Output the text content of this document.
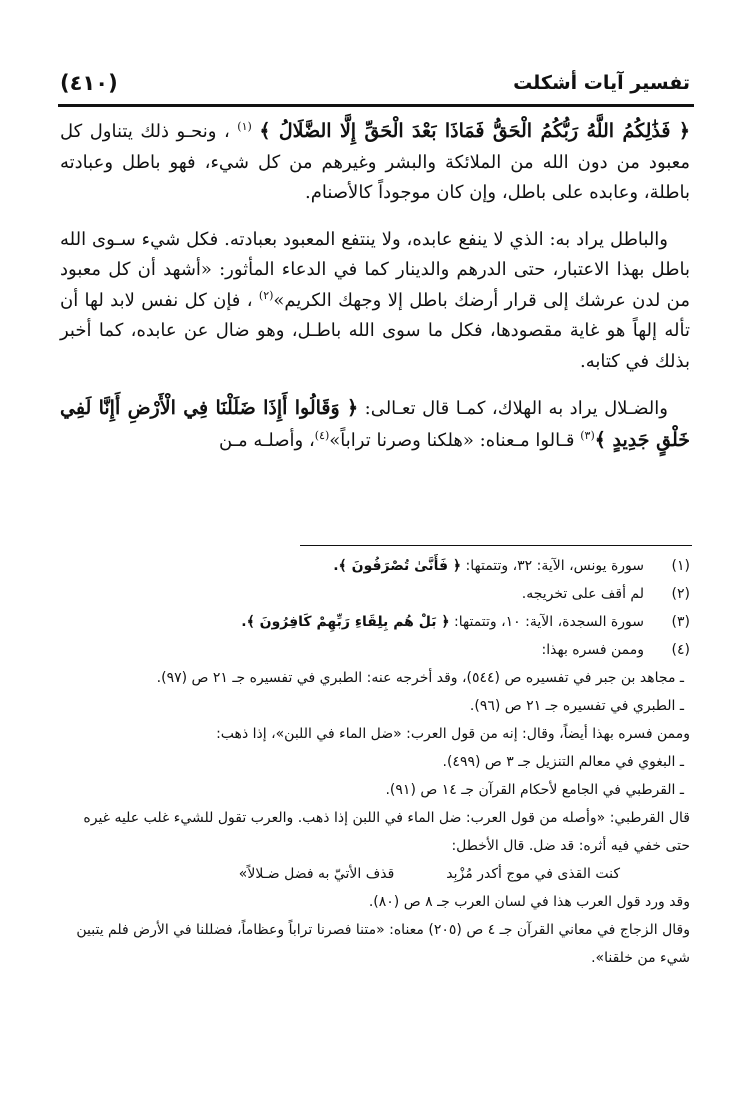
(٤١٠)	تفسير آيات أشكلت

﴿ فَذَٰلِكُمُ اللَّهُ رَبُّكُمُ الْحَقُّ فَمَاذَا بَعْدَ الْحَقِّ إِلَّا الضَّلَالُ ﴾ $^{(١)}$ ، ونحـو ذلك يتناول كل معبود من دون الله من الملائكة والبشر وغيرهم من كل شيء، فهو باطل وعبادته باطلة، وعابده على باطل، وإن كان موجوداً كالأصنام.

والباطل يراد به: الذي لا ينفع عابده، ولا ينتفع المعبود بعبادته. فكل شيء سـوى الله باطل بهذا الاعتبار، حتى الدرهم والدينار كما في الدعاء المأثور: «أشهد أن كل معبود من لدن عرشك إلى قرار أرضك باطل إلا وجهك الكريم»$^{(٢)}$ ، فإن كل نفس لابد لها أن تأله إلهاً هو غاية مقصودها، فكل ما سوى الله باطـل، وهو ضال عن عابده، كما أخبر بذلك في كتابه.

والضـلال يراد به الهلاك، كمـا قال تعـالى: ﴿ وَقَالُوا أَإِذَا ضَلَلْنَا فِي الْأَرْضِ أَإِنَّا لَفِي خَلْقٍ جَدِيدٍ ﴾$^{(٣)}$ قـالوا مـعناه: «هلكنا وصرنا تراباً»$^{(٤)}$، وأصلـه مـن

(١)
سورة يونس، الآية: ٣٢، وتتمتها: ﴿ فَأَنَّىٰ تُصْرَفُونَ ﴾.
(٢)
لم أقف على تخريجه.
(٣)
سورة السجدة، الآية: ١٠، وتتمتها: ﴿ بَلْ هُم بِلِقَاءِ رَبِّهِمْ كَافِرُونَ ﴾.
(٤)
وممن فسره بهذا:

ـ مجاهد بن جبر في تفسيره ص (٥٤٤)، وقد أخرجه عنه: الطبري في تفسيره جـ ٢١ ص (٩٧).

ـ الطبري في تفسيره جـ ٢١ ص (٩٦).

وممن فسره بهذا أيضاً، وقال: إنه من قول العرب: «ضل الماء في اللبن»، إذا ذهب:

ـ البغوي في معالم التنزيل جـ ٣ ص (٤٩٩).

ـ القرطبي في الجامع لأحكام القرآن جـ ١٤ ص (٩١).

قال القرطبي: «وأصله من قول العرب: ضل الماء في اللبن إذا ذهب. والعرب تقول للشيء غلب عليه غيره حتى خفي فيه أثره: قد ضل. قال الأخطل:

كنت القذى في موج أكدر مُزْبِد
قذف الأتيّ به فضل ضـلالاً»

وقد ورد قول العرب هذا في لسان العرب جـ ٨ ص (٨٠).

وقال الزجاج في معاني القرآن جـ ٤ ص (٢٠٥) معناه: «متنا فصرنا تراباً وعظاماً، فضللنا في الأرض فلم يتبين شيء من خلقنا».
